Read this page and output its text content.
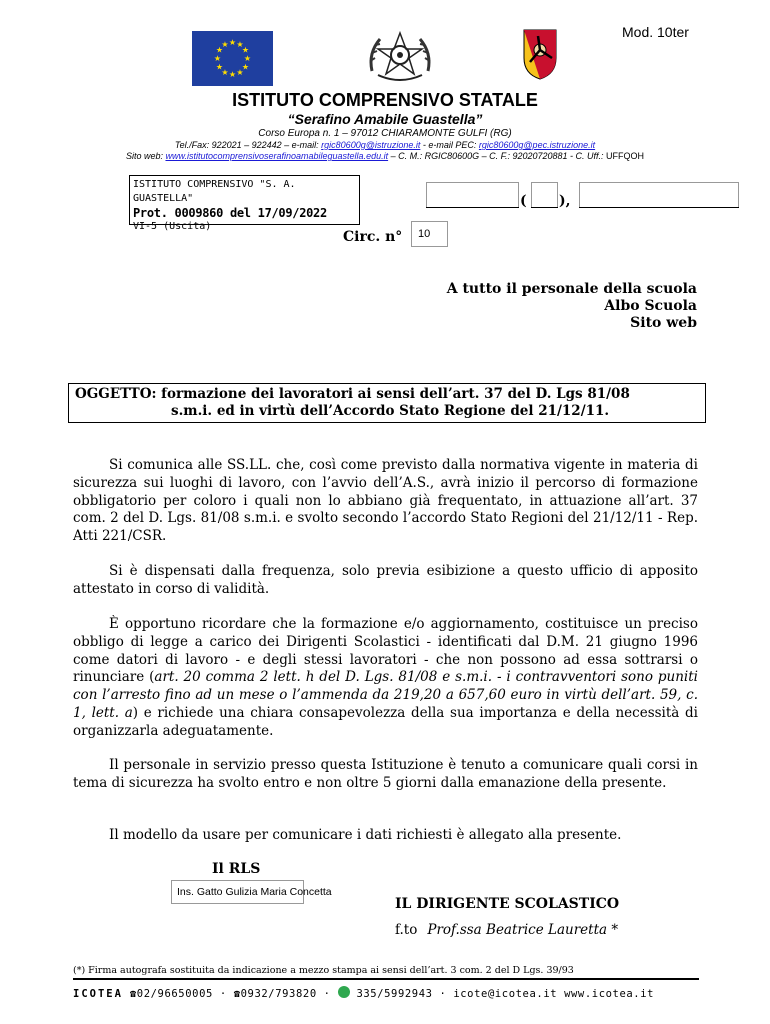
Mod. 10ter
★ ★
★
★
★
★
★
★
★
★
★
★
ISTITUTO COMPRENSIVO STATALE
“Serafino Amabile Guastella”
Corso Europa n. 1 – 97012 CHIARAMONTE GULFI (RG)
Tel./Fax: 922021 – 922442 – e-mail: rgic80600g@istruzione.it - e-mail PEC: rgic80600g@pec.istruzione.it
Sito web: www.istitutocomprensivoserafinoamabileguastella.edu.it – C. M.: RGIC80600G – C. F.: 92020720881 - C. Uff.: UFFQOH
ISTITUTO COMPRENSIVO "S. A. GUASTELLA"
Prot. 0009860 del 17/09/2022
VI-5 (Uscita)
( ),
Circ. n°	10
A tutto il personale della scuola
Albo Scuola
Sito web
OGGETTO: formazione dei lavoratori ai sensi dell’art. 37 del D. Lgs 81/08
s.m.i. ed in virtù dell’Accordo Stato Regione del 21/12/11.

Si comunica alle SS.LL. che, così come previsto dalla normativa vigente in materia di sicurezza sui luoghi di lavoro, con l’avvio dell’A.S., avrà inizio il percorso di formazione obbligatorio per coloro i quali non lo abbiano già frequentato, in attuazione all’art. 37 com. 2 del D. Lgs. 81/08 s.m.i. e svolto secondo l’accordo Stato Regioni del 21/12/11 - Rep. Atti 221/CSR.

Si è dispensati dalla frequenza, solo previa esibizione a questo ufficio di apposito attestato in corso di validità.

È opportuno ricordare che la formazione e/o aggiornamento, costituisce un preciso obbligo di legge a carico dei Dirigenti Scolastici - identificati dal D.M. 21 giugno 1996 come datori di lavoro - e degli stessi lavoratori - che non possono ad essa sottrarsi o rinunciare (art. 20 comma 2 lett. h del D. Lgs. 81/08 e s.m.i. - i contravventori sono puniti con l’arresto fino ad un mese o l’ammenda da 219,20 a 657,60 euro in virtù dell’art. 59, c. 1, lett. a) e richiede una chiara consapevolezza della sua importanza e della necessità di organizzarla adeguatamente.

Il personale in servizio presso questa Istituzione è tenuto a comunicare quali corsi in tema di sicurezza ha svolto entro e non oltre 5 giorni dalla emanazione della presente.

Il modello da usare per comunicare i dati richiesti è allegato alla presente.

Il RLS
Ins. Gatto Gulizia Maria Concetta
IL DIRIGENTE SCOLASTICO
f.to Prof.ssa Beatrice Lauretta *
(*) Firma autografa sostituita da indicazione a mezzo stampa ai sensi dell’art. 3 com. 2 del D Lgs. 39/93
ICOTEA ☎02/96650005 · ☎0932/793820 ·  335/5992943 · icote@icotea.it www.icotea.it
